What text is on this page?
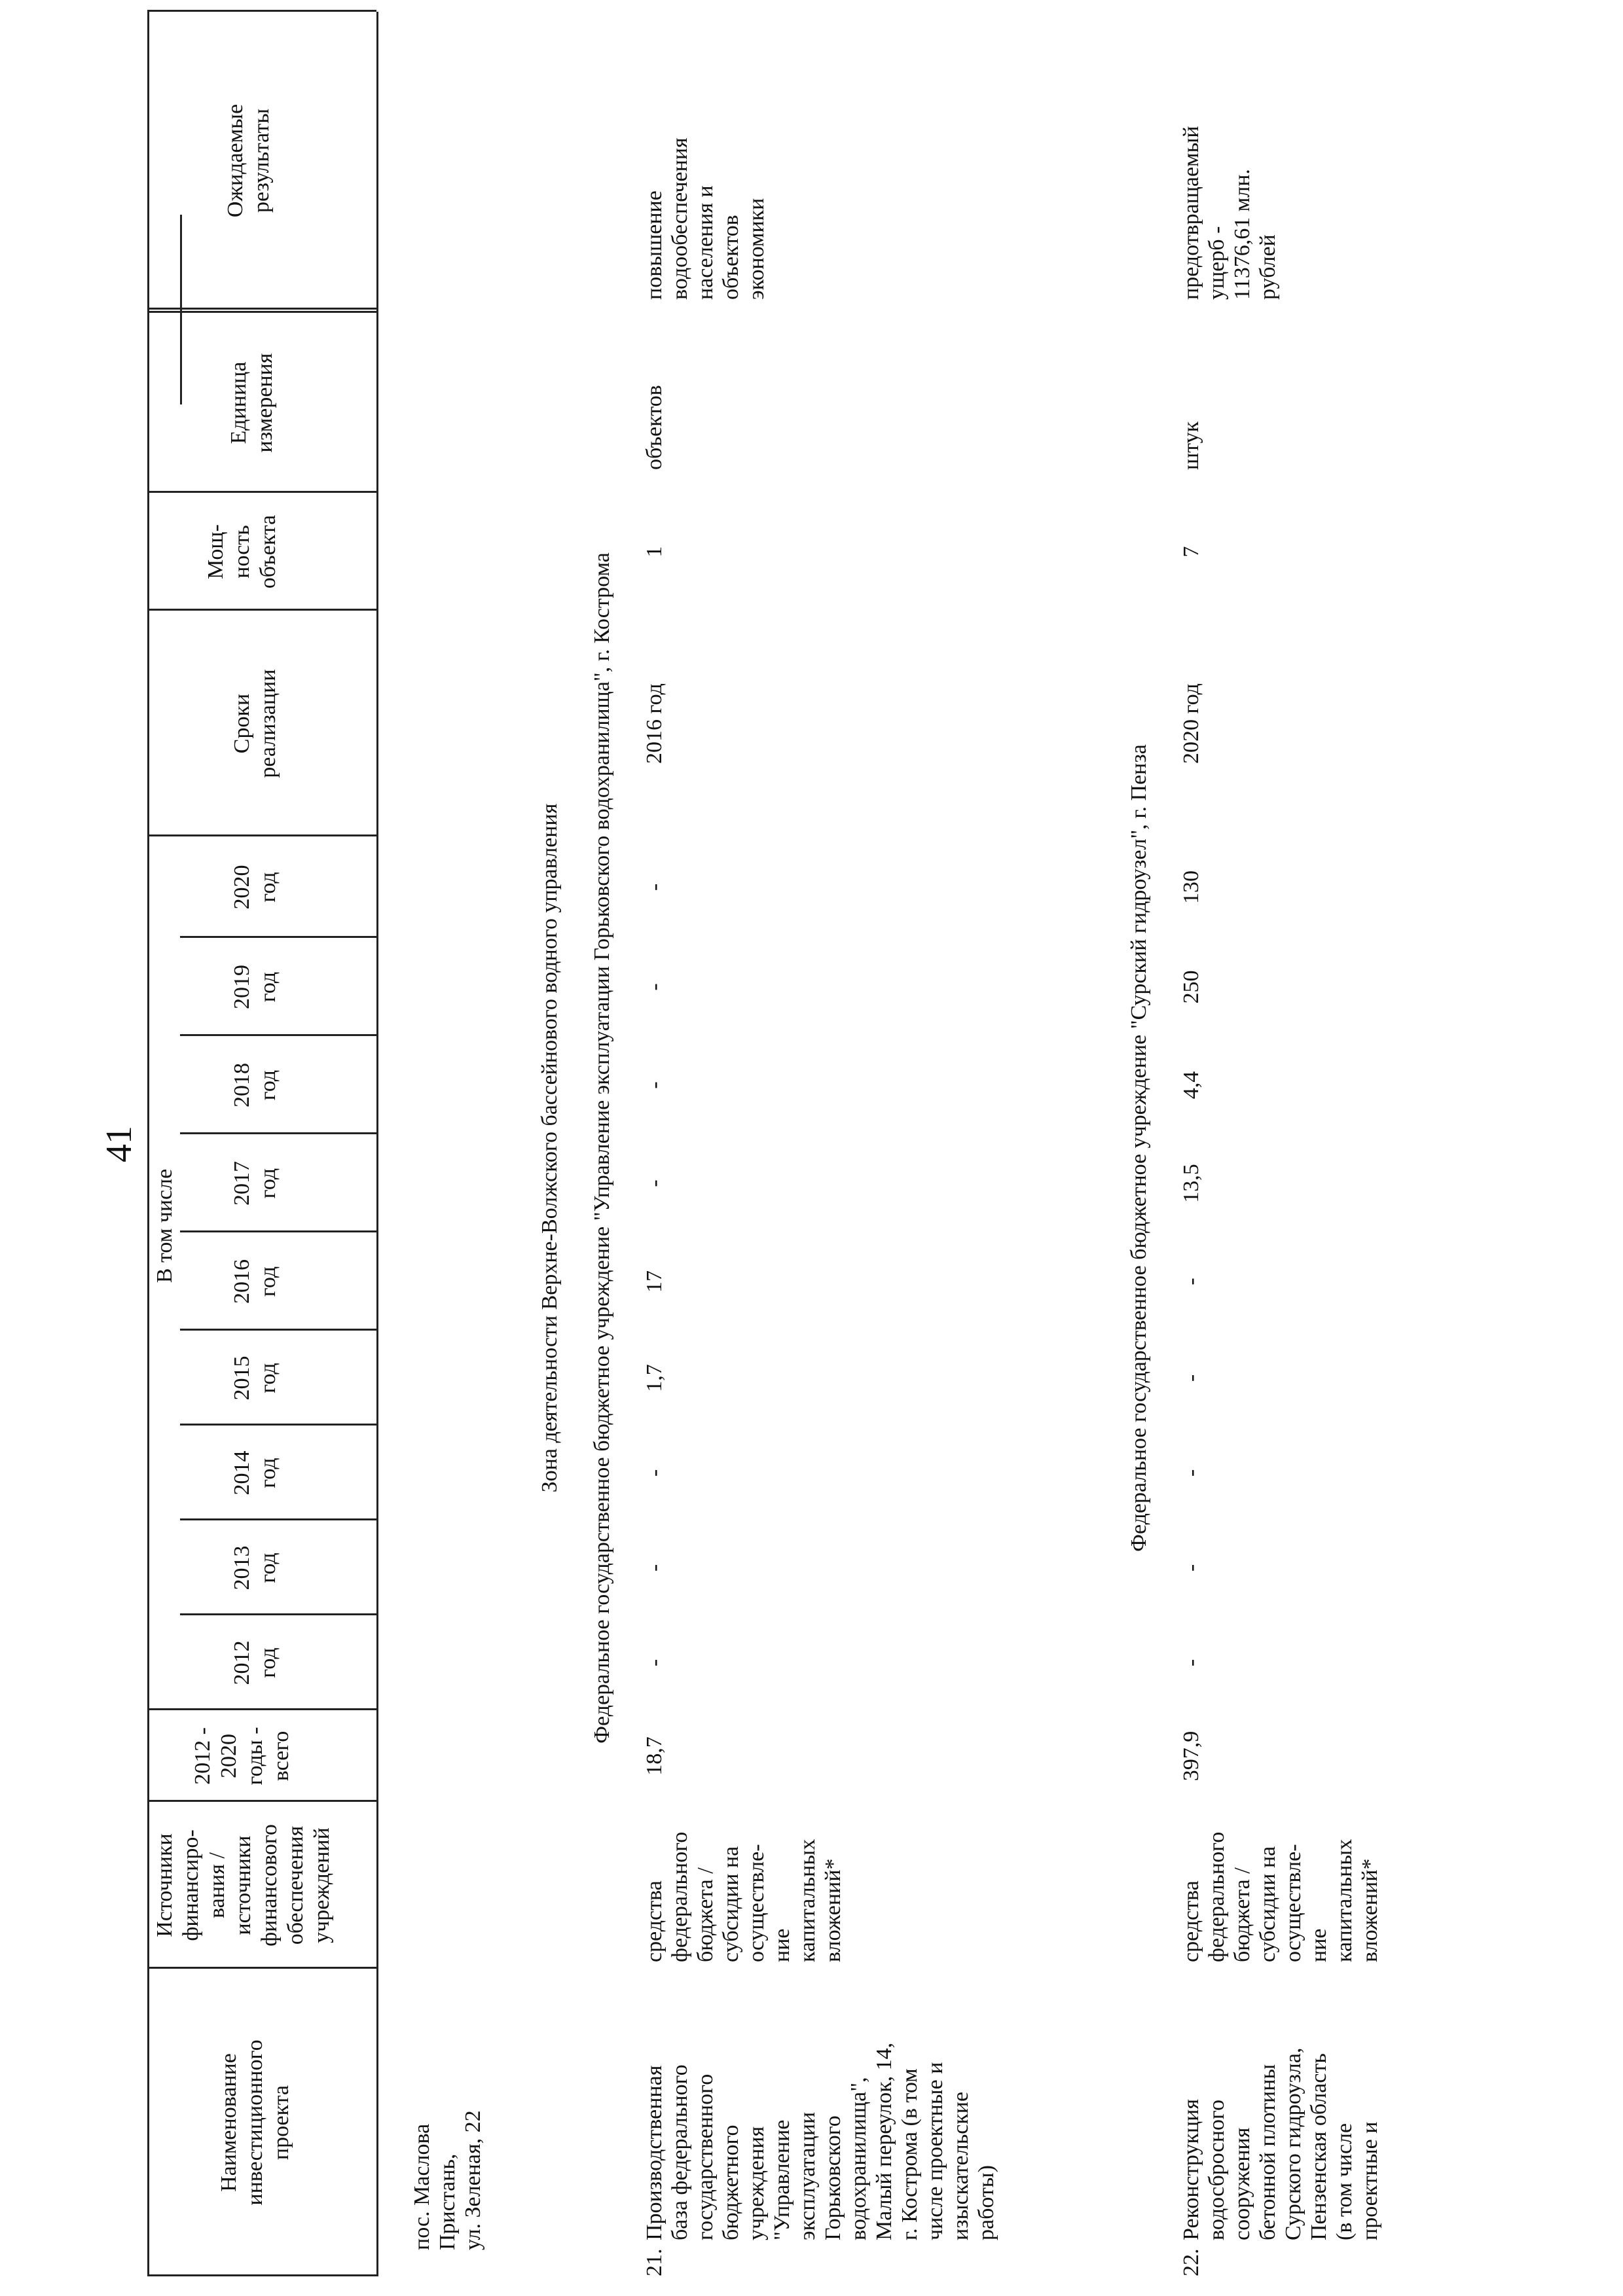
41
Наименование
инвестиционного
проекта
Источники
финансиро-
вания /
источники
финансового
обеспечения
учреждений
2012 -
2020
годы -
всего
В том числе
2012
год
2013
год
2014
год
2015
год
2016
год
2017
год
2018
год
2019
год
2020
год
Сроки
реализации
Мощ-
ность
объекта
Единица
измерения
Ожидаемые
результаты
пос. Маслова
Пристань,
ул. Зеленая, 22
Зона деятельности Верхне-Волжского бассейнового водного управления Федеральное государственное бюджетное учреждение "Управление эксплуатации Горьковского водохранилища", г. Кострома
21.
Производственная
база федерального
государственного
бюджетного
учреждения
"Управление
эксплуатации
Горьковского
водохранилища",
Малый переулок, 14,
г. Кострома (в том
числе проектные и
изыскательские
работы)
средства
федерального
бюджета /
субсидии на
осуществле-
ние
капитальных
вложений*
18,7
-
-
-
1,7
17
-
-
-
-
2016 год
1
объектов
повышение
водообеспечения
населения и
объектов
экономики
Федеральное государственное бюджетное учреждение "Сурский гидроузел", г. Пенза
22.
Реконструкция
водосбросного
сооружения
бетонной плотины
Сурского гидроузла,
Пензенская область
(в том числе
проектные и
средства
федерального
бюджета /
субсидии на
осуществле-
ние
капитальных
вложений*
397,9
-
-
-
-
-
13,5
4,4
250
130
2020 год
7
штук
предотвращаемый
ущерб -
11376,61 млн.
рублей
